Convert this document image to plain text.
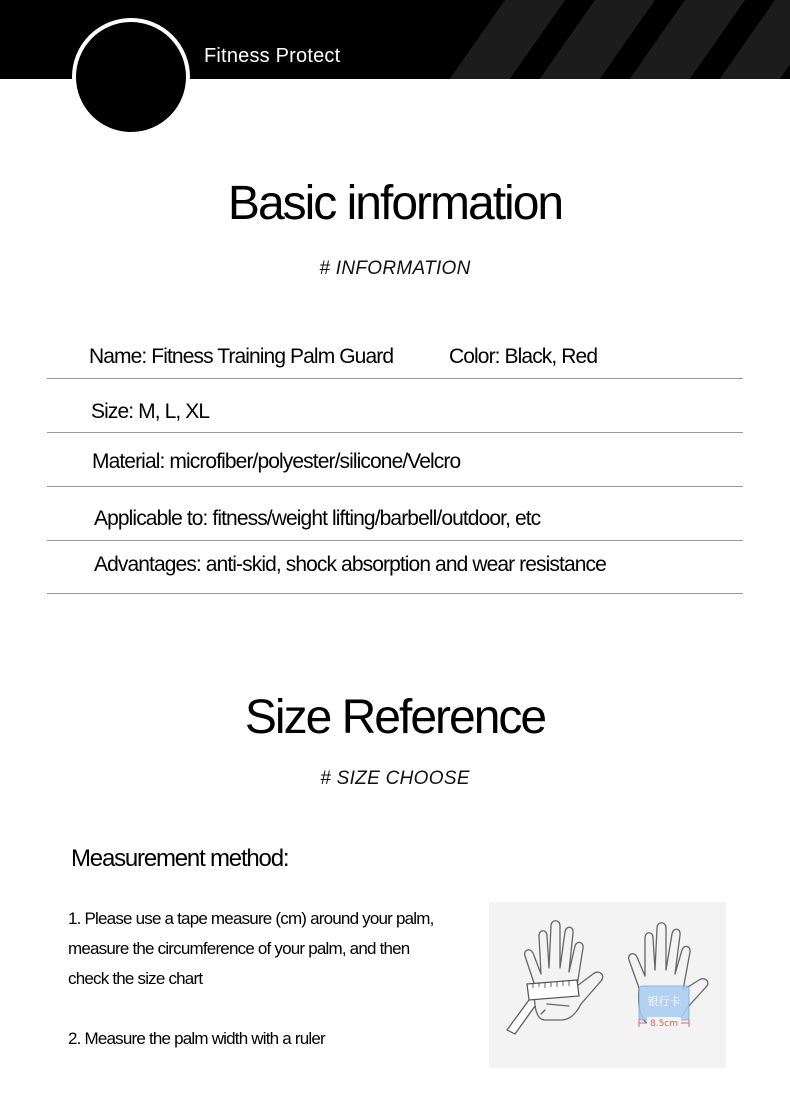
Fitness Protect
Basic information
# INFORMATION
Name: Fitness Training Palm Guard	Color: Black, Red
Size: M, L, XL
Material: microfiber/polyester/silicone/Velcro
Applicable to: fitness/weight lifting/barbell/outdoor, etc
Advantages: anti-skid, shock absorption and wear resistance
Size Reference
# SIZE CHOOSE
Measurement method:
1. Please use a tape measure (cm) around your palm,
measure the circumference of your palm, and then
check the size chart
2. Measure the palm width with a ruler
银行卡
8.5cm
